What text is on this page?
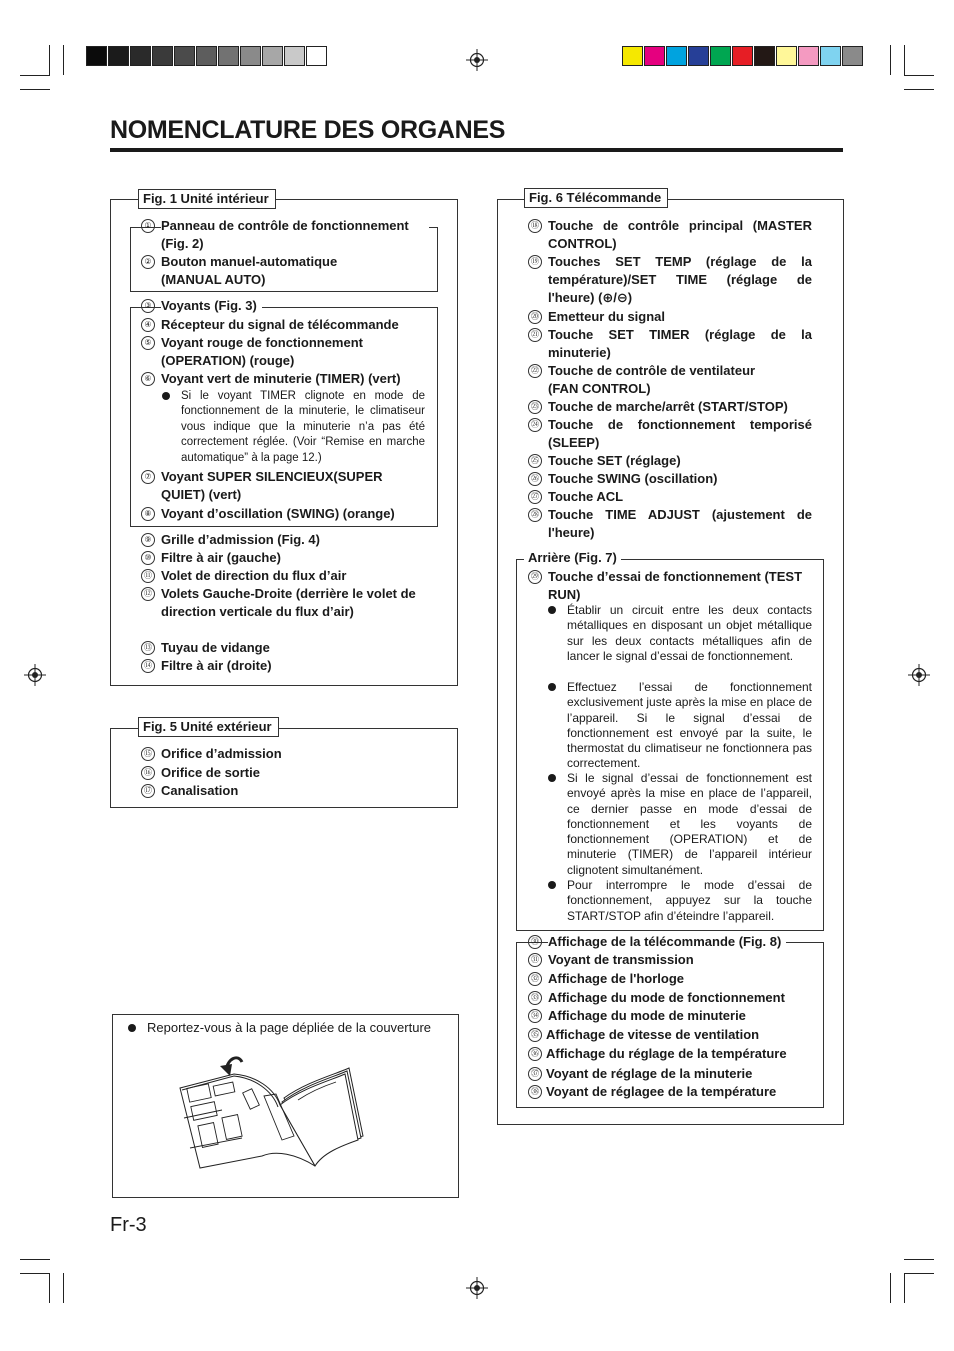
NOMENCLATURE DES ORGANES
Fig. 1 Unité intérieur
① Panneau de contrôle de fonctionnement (Fig. 2)
② Bouton manuel-automatique (MANUAL AUTO)
③ Voyants (Fig. 3)
④ Récepteur du signal de télécommande
⑤ Voyant rouge de fonctionnement (OPERATION) (rouge)
⑥ Voyant vert de minuterie (TIMER) (vert)
Si le voyant TIMER clignote en mode de fonctionnement de la minuterie, le climatiseur vous indique que la minuterie n’a pas été correctement réglée. (Voir “Remise en marche automatique” à la page 12.)
⑦ Voyant SUPER SILENCIEUX(SUPER QUIET) (vert)
⑧ Voyant d’oscillation (SWING) (orange)
⑨ Grille d’admission (Fig. 4)
⑩ Filtre à air (gauche)
⑪ Volet de direction du flux d’air
⑫ Volets Gauche-Droite (derrière le volet de direction verticale du flux d’air)
⑬ Tuyau de vidange
⑭ Filtre à air (droite)
Fig. 5 Unité extérieur
⑮ Orifice d’admission
⑯ Orifice de sortie
⑰ Canalisation
Reportez-vous à la page dépliée de la couverture
Fig. 6 Télécommande
⑱ Touche de contrôle principal (MASTER CONTROL)
⑲ Touches SET TEMP (réglage de la température)/SET TIME (réglage de l'heure) (⊕/⊖)
⑳ Emetteur du signal
㉑ Touche SET TIMER (réglage de la minuterie)
㉒ Touche de contrôle de ventilateur (FAN CONTROL)
㉓ Touche de marche/arrêt (START/STOP)
㉔ Touche de fonctionnement temporisé (SLEEP)
㉕ Touche SET (réglage)
㉖ Touche SWING (oscillation)
㉗ Touche ACL
㉘ Touche TIME ADJUST (ajustement de l'heure)
Arrière (Fig. 7)
㉙ Touche d’essai de fonctionnement (TEST RUN)
Établir un circuit entre les deux contacts métalliques en disposant un objet métallique sur les deux contacts métalliques afin de lancer le signal d’essai de fonctionnement.
Effectuez l’essai de fonctionnement exclusivement juste après la mise en place de l’appareil. Si le signal d’essai de fonctionnement est envoyé par la suite, le thermostat du climatiseur ne fonctionnera pas correctement.
Si le signal d’essai de fonctionnement est envoyé après la mise en place de l’appareil, ce dernier passe en mode d’essai de fonctionnement et les voyants de fonctionnement (OPERATION) et de minuterie (TIMER) de l’appareil intérieur clignotent simultanément.
Pour interrompre le mode d’essai de fonctionnement, appuyez sur la touche START/STOP afin d’éteindre l’appareil.
㉚ Affichage de la télécommande (Fig. 8)
㉛ Voyant de transmission
㉜ Affichage de l'horloge
㉝ Affichage du mode de fonctionnement
㉞ Affichage du mode de minuterie
㉟ Affichage de vitesse de ventilation
㊱ Affichage du réglage de la température
㊲ Voyant de réglage de la minuterie
㊳ Voyant de réglagee de la température
Fr-3
